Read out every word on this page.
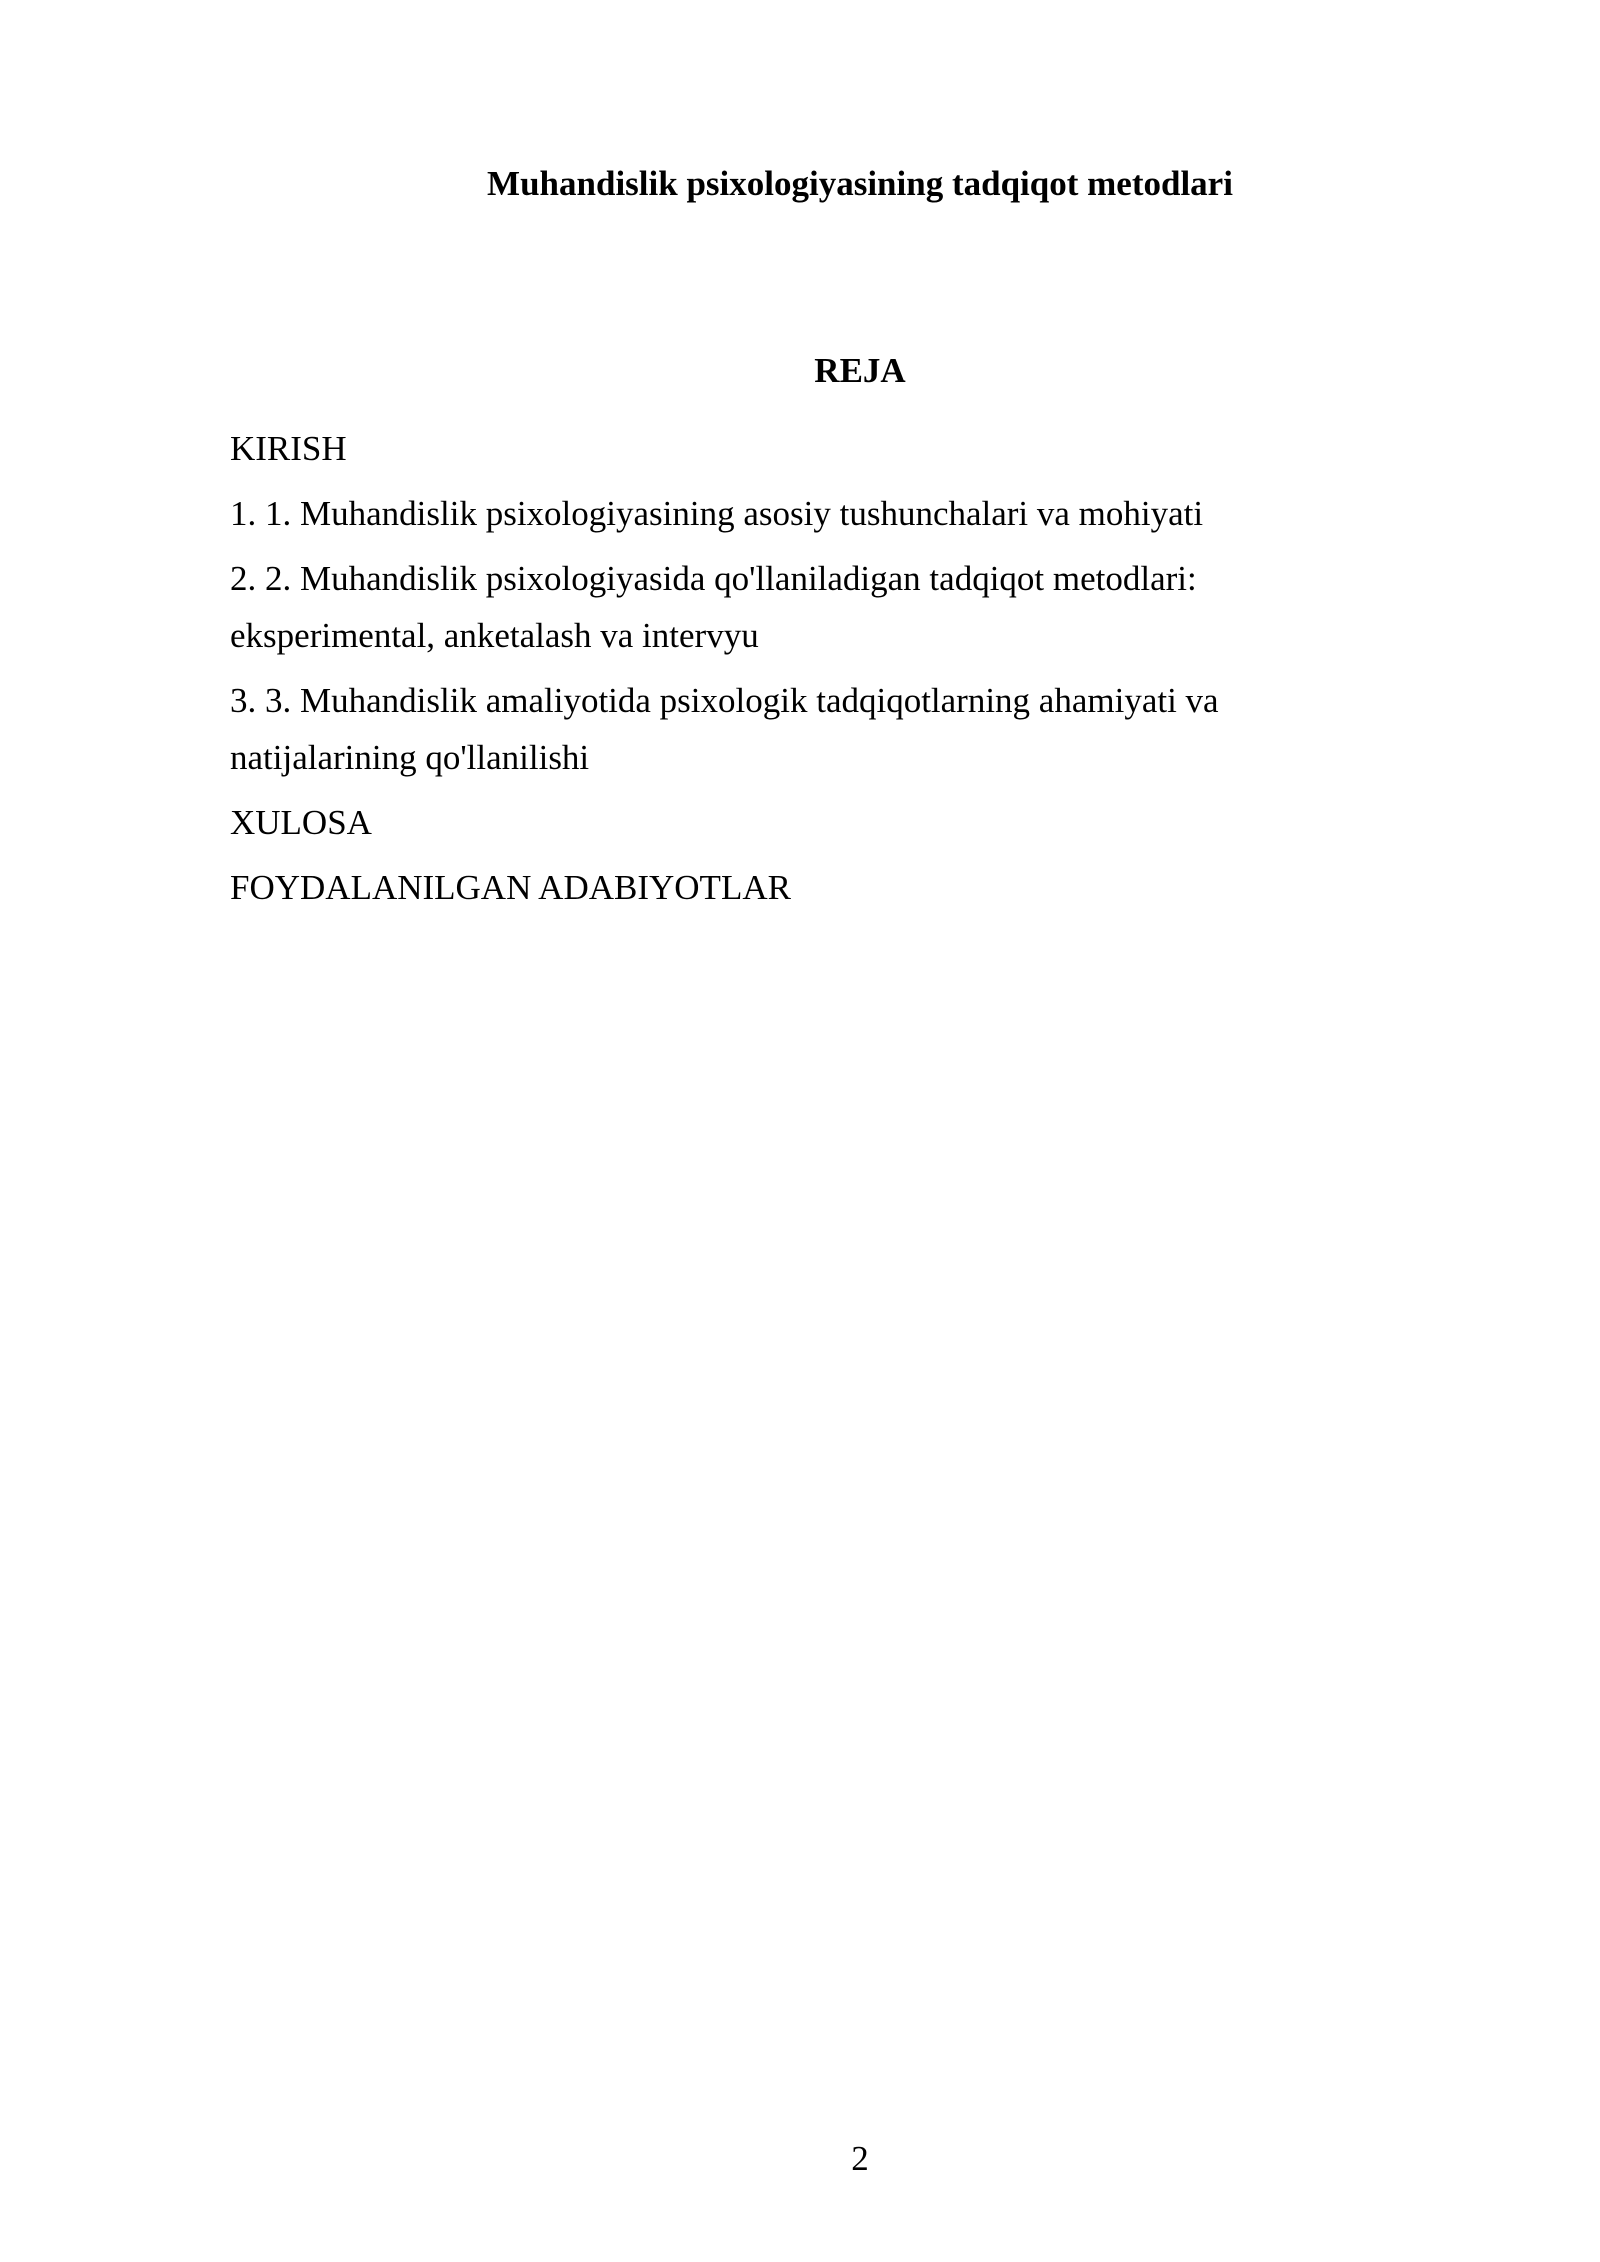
Muhandislik psixologiyasining tadqiqot metodlari
REJA
KIRISH
1. 1. Muhandislik psixologiyasining asosiy tushunchalari va mohiyati
2. 2. Muhandislik psixologiyasida qo'llaniladigan tadqiqot metodlari:
eksperimental, anketalash va intervyu
3. 3. Muhandislik amaliyotida psixologik tadqiqotlarning ahamiyati va
natijalarining qo'llanilishi
XULOSA
FOYDALANILGAN ADABIYOTLAR
2
